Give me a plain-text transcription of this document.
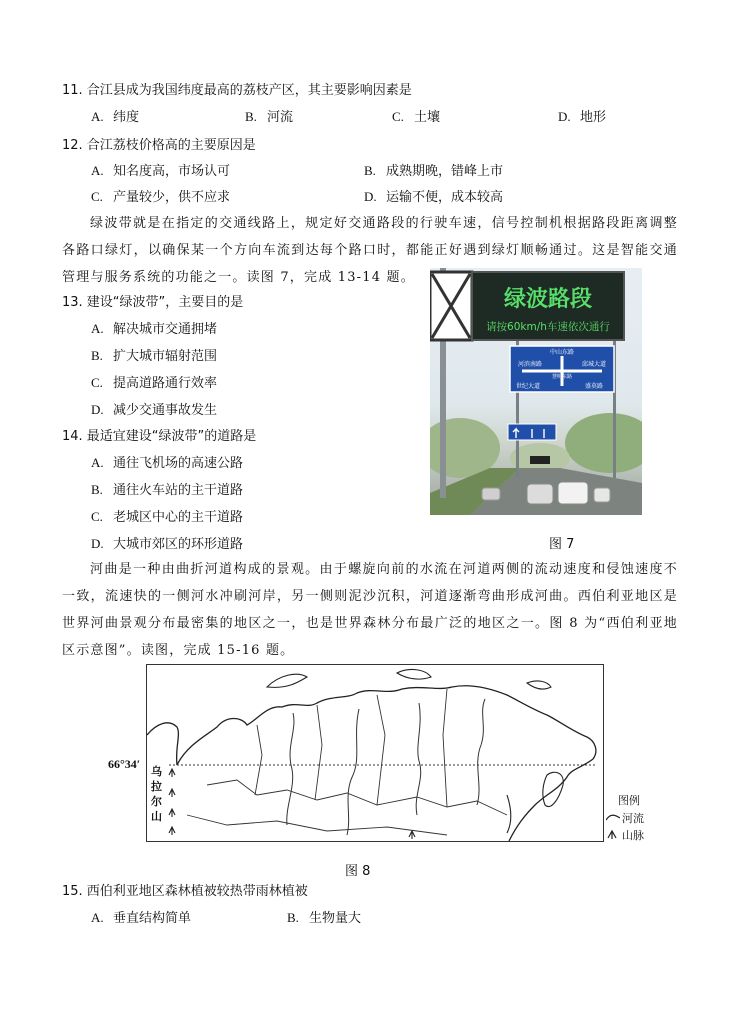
11. 合江县成为我国纬度最高的荔枝产区，其主要影响因素是
A. 纬度	B. 河流	C. 土壤	D. 地形
12. 合江荔枝价格高的主要原因是
A. 知名度高，市场认可	B. 成熟期晚，错峰上市
C. 产量较少，供不应求	D. 运输不便，成本较高

绿波带就是在指定的交通线路上，规定好交通路段的行驶车速，信号控制机根据路段距离调整各路口绿灯，以确保某一个方向车流到达每个路口时，都能正好遇到绿灯顺畅通过。这是智能交通管理与服务系统的功能之一。读图 7，完成 13-14 题。

13. 建设“绿波带”，主要目的是
A. 解决城市交通拥堵
B. 扩大城市辐射范围
C. 提高道路通行效率
D. 减少交通事故发生
14. 最适宜建设“绿波带”的道路是
A. 通往飞机场的高速公路
B. 通往火车站的主干道路
C. 老城区中心的主干道路
D. 大城市郊区的环形道路
绿波路段
请按60km/h车速依次通行
中山东路
河滨南路	邱城大道
慧明东路
世纪大道	盛莫路
图 7

河曲是一种由曲折河道构成的景观。由于螺旋向前的水流在河道两侧的流动速度和侵蚀速度不一致，流速快的一侧河水冲刷河岸，另一侧则泥沙沉积，河道逐渐弯曲形成河曲。西伯利亚地区是世界河曲景观分布最密集的地区之一，也是世界森林分布最广泛的地区之一。图 8 为“西伯利亚地区示意图”。读图，完成 15-16 题。

66°34′
乌
拉
尔
山
图例
河流
山脉
图 8
15. 西伯利亚地区森林植被较热带雨林植被
A. 垂直结构简单	B. 生物量大
